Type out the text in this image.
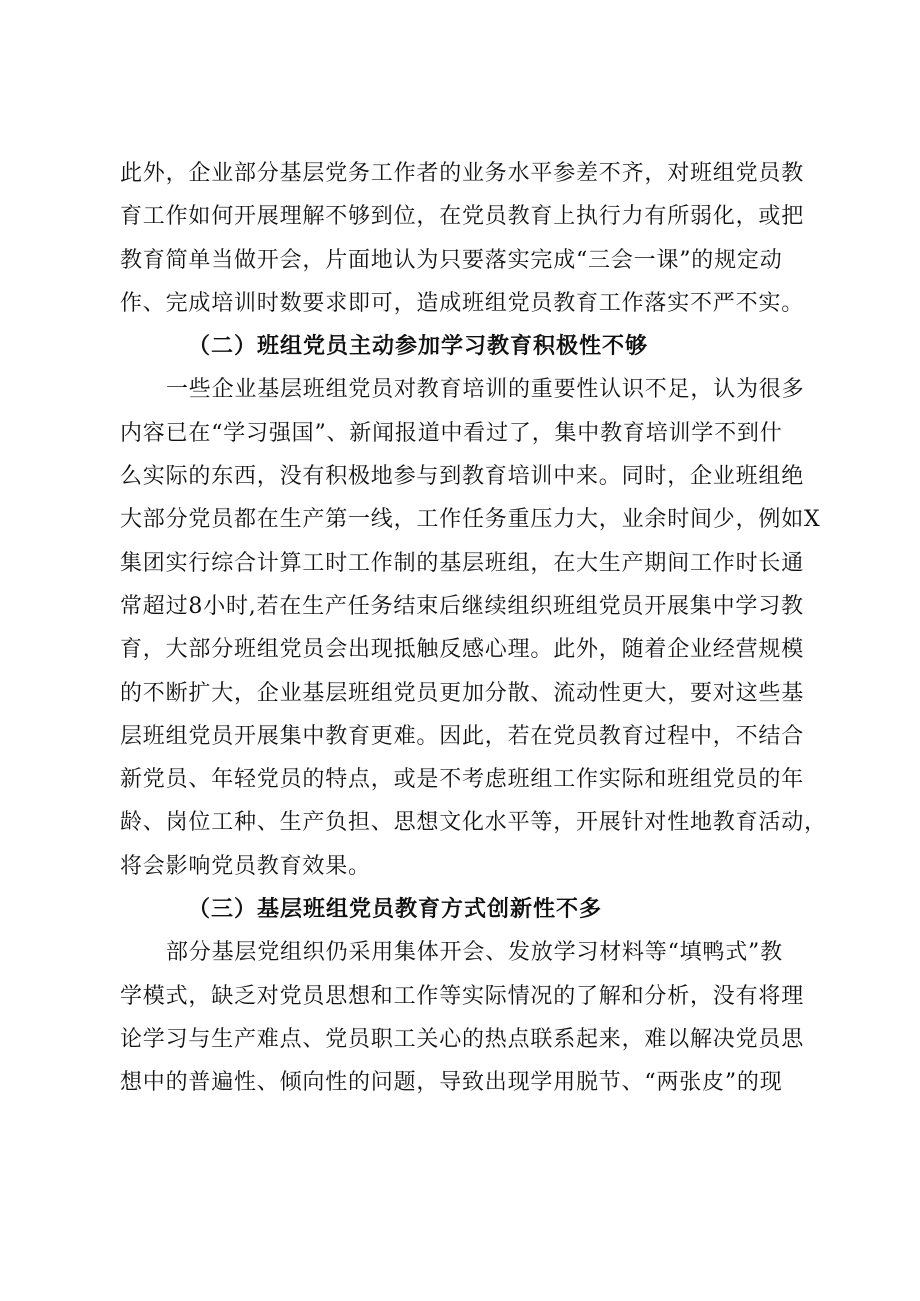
此外，企业部分基层党务工作者的业务水平参差不齐，对班组党员教
育工作如何开展理解不够到位，在党员教育上执行力有所弱化，或把
教育简单当做开会，片面地认为只要落实完成“三会一课”的规定动
作、完成培训时数要求即可，造成班组党员教育工作落实不严不实。
（二）班组党员主动参加学习教育积极性不够
一些企业基层班组党员对教育培训的重要性认识不足，认为很多
内容已在“学习强国”、新闻报道中看过了，集中教育培训学不到什
么实际的东西，没有积极地参与到教育培训中来。同时，企业班组绝
大部分党员都在生产第一线，工作任务重压力大，业余时间少，例如X
集团实行综合计算工时工作制的基层班组，在大生产期间工作时长通
常超过8小时,若在生产任务结束后继续组织班组党员开展集中学习教
育，大部分班组党员会出现抵触反感心理。此外，随着企业经营规模
的不断扩大，企业基层班组党员更加分散、流动性更大，要对这些基
层班组党员开展集中教育更难。因此，若在党员教育过程中，不结合
新党员、年轻党员的特点，或是不考虑班组工作实际和班组党员的年
龄、岗位工种、生产负担、思想文化水平等，开展针对性地教育活动，
将会影响党员教育效果。
（三）基层班组党员教育方式创新性不多
部分基层党组织仍采用集体开会、发放学习材料等“填鸭式”教
学模式，缺乏对党员思想和工作等实际情况的了解和分析，没有将理
论学习与生产难点、党员职工关心的热点联系起来，难以解决党员思
想中的普遍性、倾向性的问题，导致出现学用脱节、“两张皮”的现
